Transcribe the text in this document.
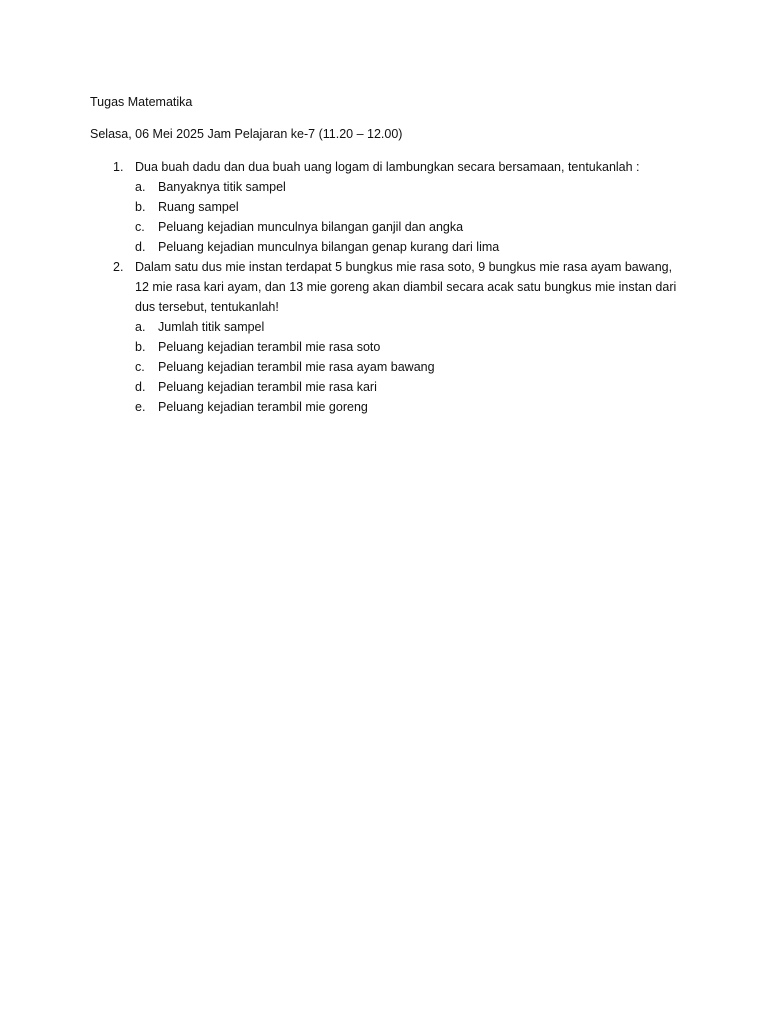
Tugas Matematika
Selasa, 06 Mei 2025 Jam Pelajaran ke-7 (11.20 – 12.00)
1. Dua buah dadu dan dua buah uang logam di lambungkan secara bersamaan, tentukanlah :
a. Banyaknya titik sampel
b. Ruang sampel
c. Peluang kejadian munculnya bilangan ganjil dan angka
d. Peluang kejadian munculnya bilangan genap kurang dari lima
2. Dalam satu dus mie instan terdapat 5 bungkus mie rasa soto, 9 bungkus mie rasa ayam bawang, 12 mie rasa kari ayam, dan 13 mie goreng akan diambil secara acak satu bungkus mie instan dari dus tersebut, tentukanlah!
a. Jumlah titik sampel
b. Peluang kejadian terambil mie rasa soto
c. Peluang kejadian terambil mie rasa ayam bawang
d. Peluang kejadian terambil mie rasa kari
e. Peluang kejadian terambil mie goreng
